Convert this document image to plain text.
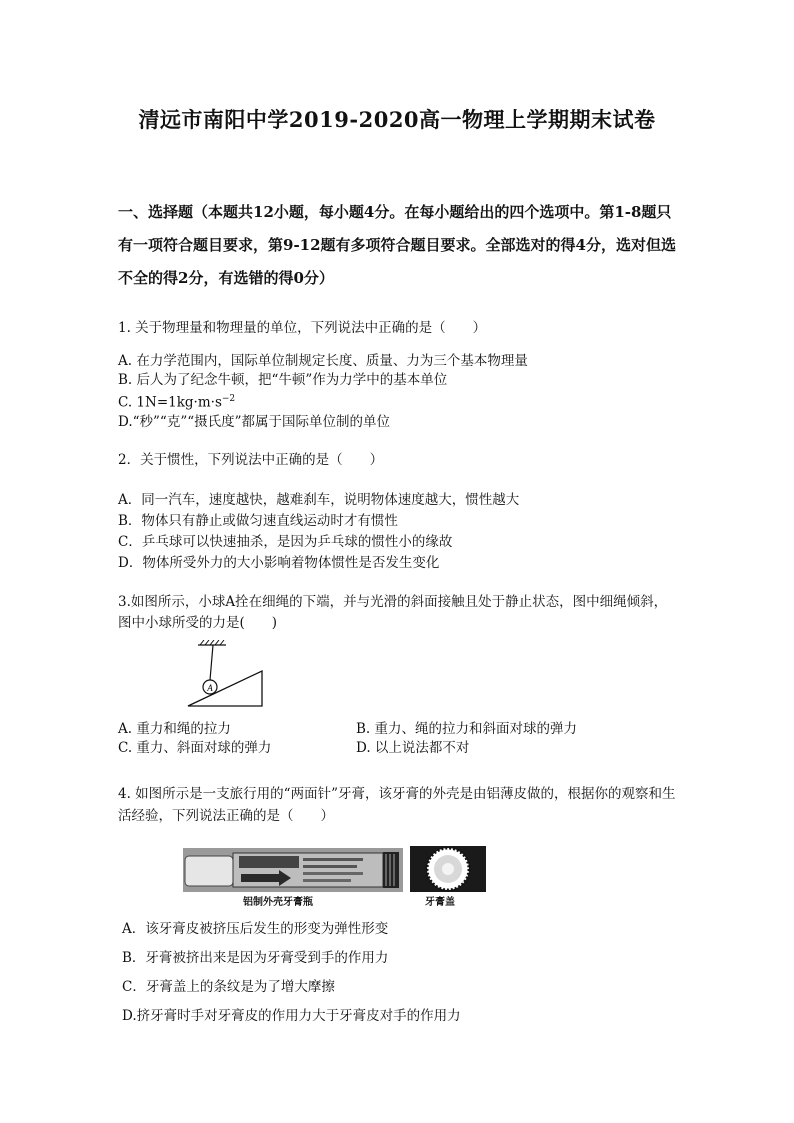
清远市南阳中学2019-2020高一物理上学期期末试卷
一、选择题（本题共12小题，每小题4分。在每小题给出的四个选项中。第1-8题只有一项符合题目要求，第9-12题有多项符合题目要求。全部选对的得4分，选对但选不全的得2分，有选错的得0分）
1. 关于物理量和物理量的单位，下列说法中正确的是（　　）
A. 在力学范围内，国际单位制规定长度、质量、力为三个基本物理量
B. 后人为了纪念牛顿，把“牛顿”作为力学中的基本单位
C. $1N=1kg\cdot m\cdot s^{-2}$
D.“秒”“克”“摄氏度”都属于国际单位制的单位
2．关于惯性，下列说法中正确的是（　　）
A．同一汽车，速度越快，越难刹车，说明物体速度越大，惯性越大
B．物体只有静止或做匀速直线运动时才有惯性
C．乒乓球可以快速抽杀，是因为乒乓球的惯性小的缘故
D．物体所受外力的大小影响着物体惯性是否发生变化
3.如图所示，小球A拴在细绳的下端，并与光滑的斜面接触且处于静止状态，图中细绳倾斜，图中小球所受的力是(　　)
A
A. 重力和绳的拉力	B. 重力、绳的拉力和斜面对球的弹力
C. 重力、斜面对球的弹力	D. 以上说法都不对
4. 如图所示是一支旅行用的“两面针”牙膏，该牙膏的外壳是由铝薄皮做的，根据你的观察和生活经验，下列说法正确的是（　　）
铝制外壳牙膏瓶	牙膏盖
A．该牙膏皮被挤压后发生的形变为弹性形变
B．牙膏被挤出来是因为牙膏受到手的作用力
C．牙膏盖上的条纹是为了增大摩擦
D.挤牙膏时手对牙膏皮的作用力大于牙膏皮对手的作用力
